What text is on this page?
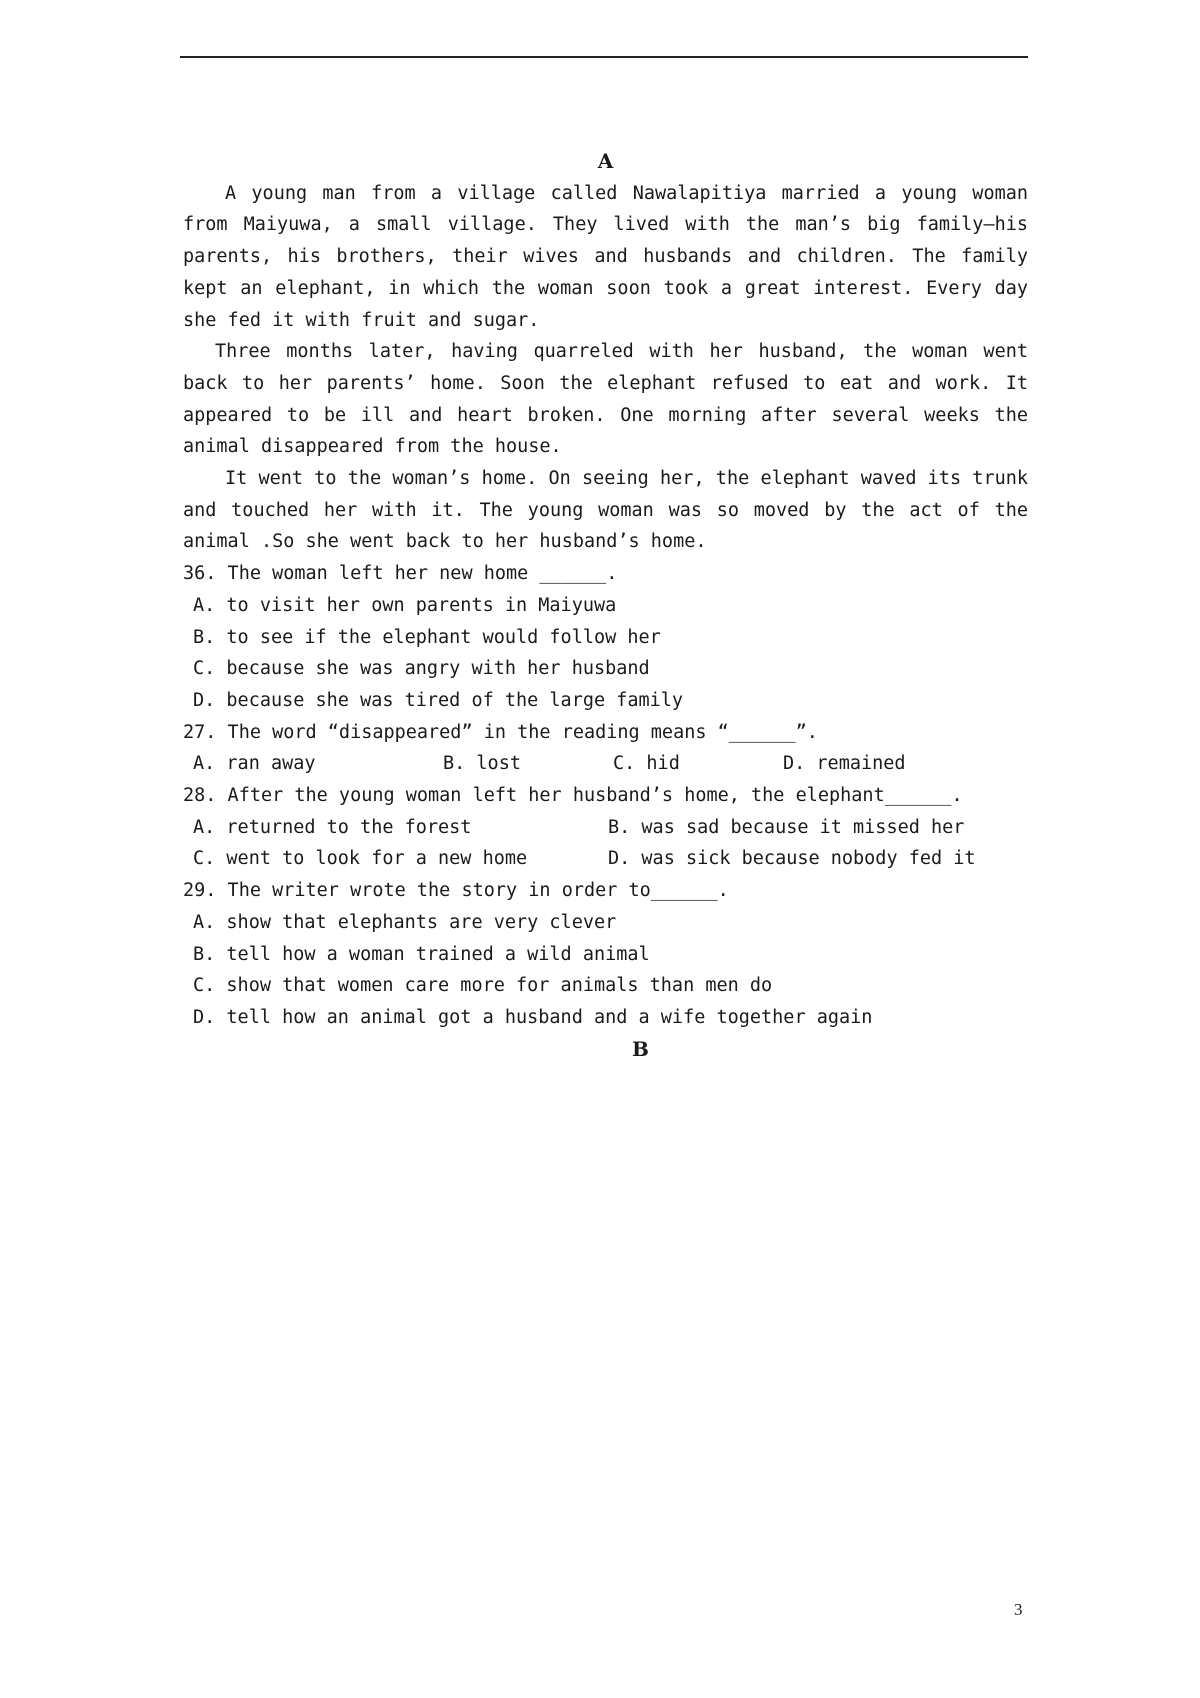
A
A young man from a village called Nawalapitiya married a young woman from Maiyuwa, a small village. They lived with the man’s big family—his parents, his brothers, their wives and husbands and children. The family kept an elephant, in which the woman soon took a great interest. Every day she fed it with fruit and sugar.
Three months later, having quarreled with her husband, the woman went back to her parents’ home. Soon the elephant refused to eat and work. It appeared to be ill and heart broken. One morning after several weeks the animal disappeared from the house.
It went to the woman’s home. On seeing her, the elephant waved its trunk and touched her with it. The young woman was so moved by the act of the animal .So she went back to her husband’s home.
36. The woman left her new home ______.
A. to visit her own parents in Maiyuwa
B. to see if the elephant would follow her
C. because she was angry with her husband
D. because she was tired of the large family
27. The word “disappeared” in the reading means “______”.
A. ran away	B. lost	C. hid	D. remained
28. After the young woman left her husband’s home, the elephant______.
A. returned to the forest	B. was sad because it missed her
C. went to look for a new home	D. was sick because nobody fed it
29. The writer wrote the story in order to______.
A. show that elephants are very clever
B. tell how a woman trained a wild animal
C. show that women care more for animals than men do
D. tell how an animal got a husband and a wife together again
B
3
